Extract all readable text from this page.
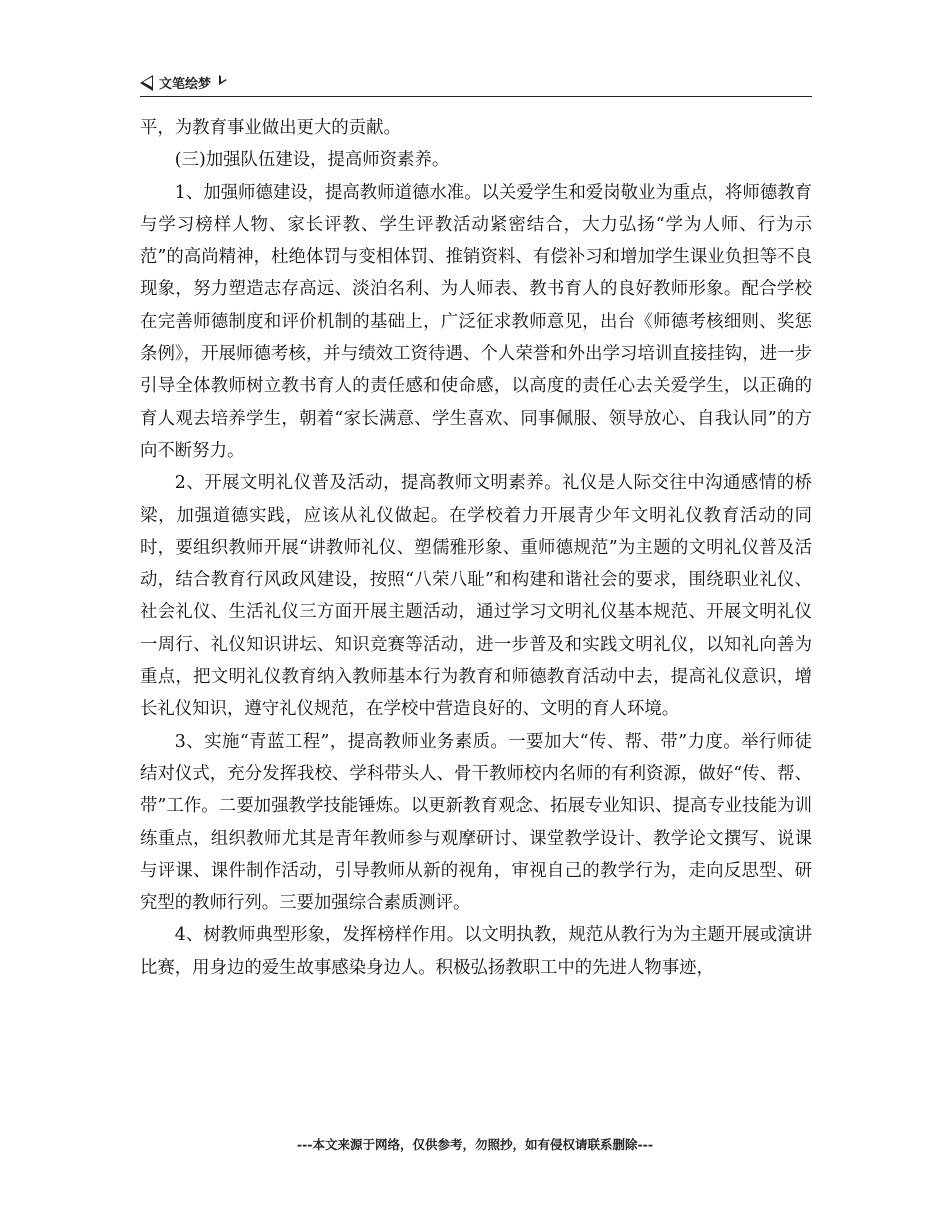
文笔绘梦

平，为教育事业做出更大的贡献。

(三)加强队伍建设，提高师资素养。

1、加强师德建设，提高教师道德水准。以关爱学生和爱岗敬业为重点，将师德教育与学习榜样人物、家长评教、学生评教活动紧密结合，大力弘扬“学为人师、行为示范”的高尚精神，杜绝体罚与变相体罚、推销资料、有偿补习和增加学生课业负担等不良现象，努力塑造志存高远、淡泊名利、为人师表、教书育人的良好教师形象。配合学校在完善师德制度和评价机制的基础上，广泛征求教师意见，出台《师德考核细则、奖惩条例》，开展师德考核，并与绩效工资待遇、个人荣誉和外出学习培训直接挂钩，进一步引导全体教师树立教书育人的责任感和使命感，以高度的责任心去关爱学生，以正确的育人观去培养学生，朝着“家长满意、学生喜欢、同事佩服、领导放心、自我认同”的方向不断努力。

2、开展文明礼仪普及活动，提高教师文明素养。礼仪是人际交往中沟通感情的桥梁，加强道德实践，应该从礼仪做起。在学校着力开展青少年文明礼仪教育活动的同时，要组织教师开展“讲教师礼仪、塑儒雅形象、重师德规范”为主题的文明礼仪普及活动，结合教育行风政风建设，按照“八荣八耻”和构建和谐社会的要求，围绕职业礼仪、社会礼仪、生活礼仪三方面开展主题活动，通过学习文明礼仪基本规范、开展文明礼仪一周行、礼仪知识讲坛、知识竞赛等活动，进一步普及和实践文明礼仪，以知礼向善为重点，把文明礼仪教育纳入教师基本行为教育和师德教育活动中去，提高礼仪意识，增长礼仪知识，遵守礼仪规范，在学校中营造良好的、文明的育人环境。

3、实施“青蓝工程”，提高教师业务素质。一要加大“传、帮、带”力度。举行师徒结对仪式，充分发挥我校、学科带头人、骨干教师校内名师的有利资源，做好“传、帮、带”工作。二要加强教学技能锤炼。以更新教育观念、拓展专业知识、提高专业技能为训练重点，组织教师尤其是青年教师参与观摩研讨、课堂教学设计、教学论文撰写、说课与评课、课件制作活动，引导教师从新的视角，审视自己的教学行为，走向反思型、研究型的教师行列。三要加强综合素质测评。

4、树教师典型形象，发挥榜样作用。以文明执教，规范从教行为为主题开展或演讲比赛，用身边的爱生故事感染身边人。积极弘扬教职工中的先进人物事迹，

---本文来源于网络，仅供参考，勿照抄，如有侵权请联系删除---
